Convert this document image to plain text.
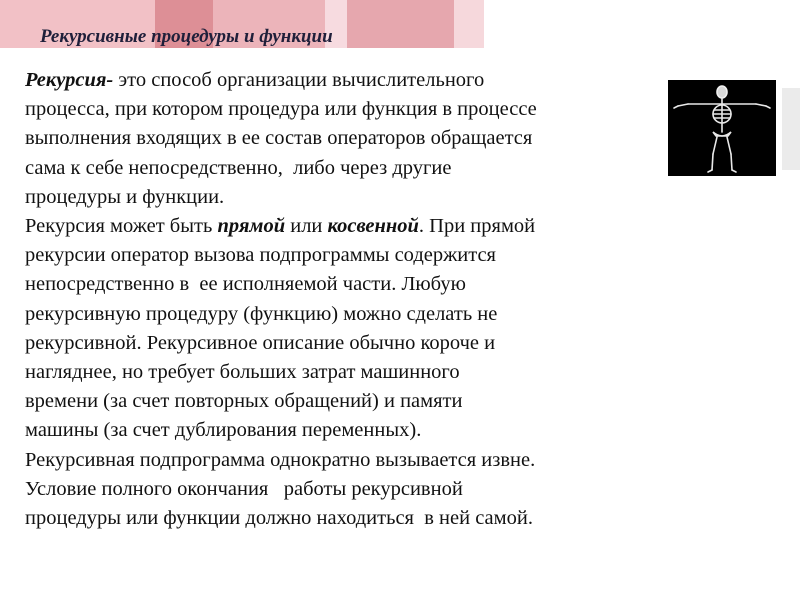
Рекурсивные процедуры и функции

Рекурсия- это способ организации вычислительного

процесса, при котором процедура или функция в процессе

выполнения входящих в ее состав операторов обращается

сама к себе непосредственно,  либо через другие

процедуры и функции.

Рекурсия может быть прямой или косвенной. При прямой

рекурсии оператор вызова подпрограммы содержится

непосредственно в  ее исполняемой части. Любую

рекурсивную процедуру (функцию) можно сделать не

рекурсивной. Рекурсивное описание обычно короче и

нагляднее, но требует больших затрат машинного

времени (за счет повторных обращений) и памяти

машины (за счет дублирования переменных).

Рекурсивная подпрограмма однократно вызывается извне.

Условие полного окончания   работы рекурсивной

процедуры или функции должно находиться  в ней самой.
